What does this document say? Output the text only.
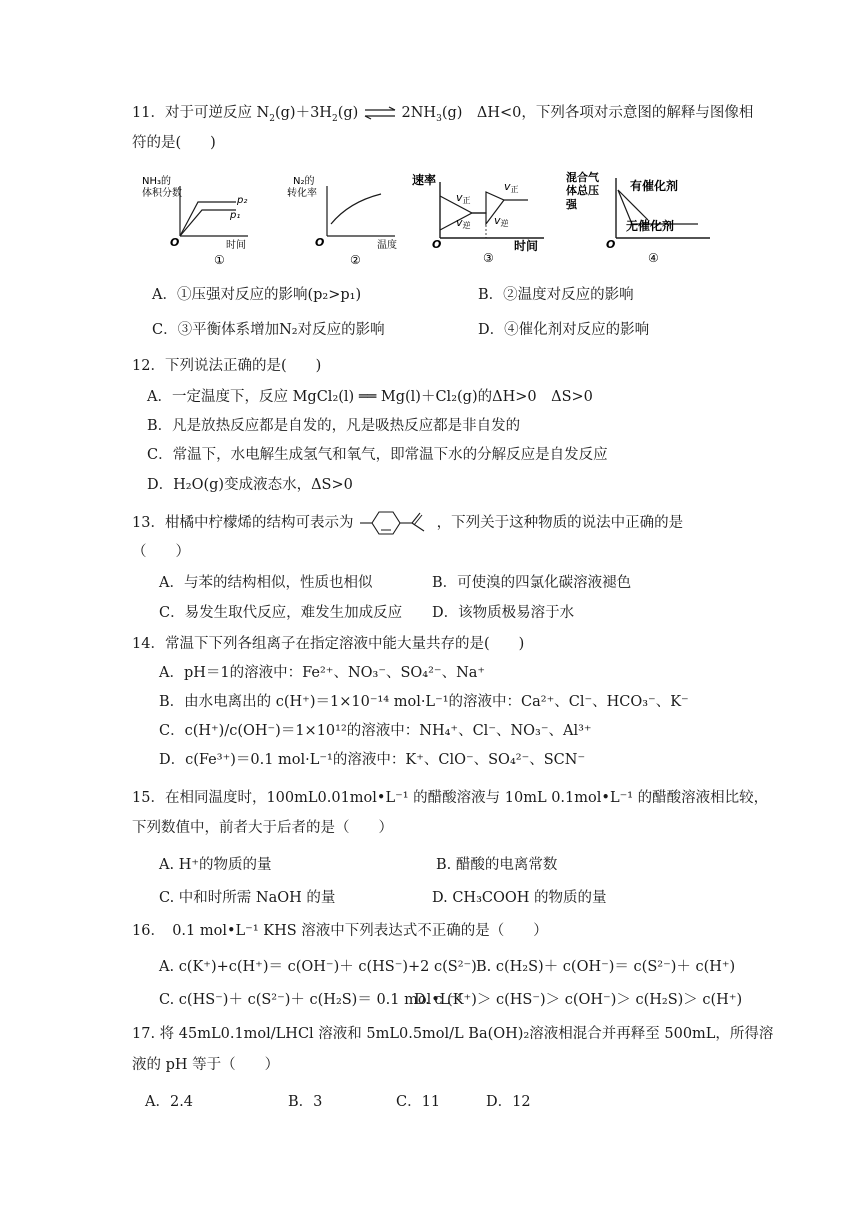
11．对于可逆反应 $N_2(g)+3H_2(g)$ ⇌ $2NH_3(g)$　ΔH<0，下列各项对示意图的解释与图像相
符的是(　　)
NH₃的
体积分数
p₂
p₁
O	时间
①
N₂的
转化率
O	温度
②
速率
v正
v逆
v正
v逆
O	时间
③
混合气
体总压
强
有催化剂
无催化剂
O
④
A．①压强对反应的影响(p₂>p₁)	B．②温度对反应的影响
C．③平衡体系增加N₂对反应的影响	D．④催化剂对反应的影响
12．下列说法正确的是(　　)
A．一定温度下，反应 MgCl₂(l) ══ Mg(l)＋Cl₂(g)的ΔH>0　ΔS>0
B．凡是放热反应都是自发的，凡是吸热反应都是非自发的
C．常温下，水电解生成氢气和氧气，即常温下水的分解反应是自发反应
D．H₂O(g)变成液态水，ΔS>0
13．柑橘中柠檬烯的结构可表示为	，下列关于这种物质的说法中正确的是
（　　）
A．与苯的结构相似，性质也相似	B．可使溴的四氯化碳溶液褪色
C．易发生取代反应，难发生加成反应 D．该物质极易溶于水
14．常温下下列各组离子在指定溶液中能大量共存的是(　　)
A．pH＝1的溶液中：Fe²⁺、NO₃⁻、SO₄²⁻、Na⁺
B．由水电离出的 c(H⁺)＝1×10⁻¹⁴ mol·L⁻¹的溶液中：Ca²⁺、Cl⁻、HCO₃⁻、K⁻
C．c(H⁺)/c(OH⁻)＝1×10¹²的溶液中：NH₄⁺、Cl⁻、NO₃⁻、Al³⁺
D．c(Fe³⁺)＝0.1 mol·L⁻¹的溶液中：K⁺、ClO⁻、SO₄²⁻、SCN⁻
15．在相同温度时，100mL0.01mol•L⁻¹ 的醋酸溶液与 10mL 0.1mol•L⁻¹ 的醋酸溶液相比较，
下列数值中，前者大于后者的是（　　）
A. H⁺的物质的量	B. 醋酸的电离常数
C. 中和时所需 NaOH 的量	D. CH₃COOH 的物质的量
16．　0.1 mol•L⁻¹ KHS 溶液中下列表达式不正确的是（　　）
A. c(K⁺)+c(H⁺)＝ c(OH⁻)＋ c(HS⁻)+2 c(S²⁻) B. c(H₂S)＋ c(OH⁻)＝ c(S²⁻)＋ c(H⁺)
C. c(HS⁻)＋ c(S²⁻)＋ c(H₂S)＝ 0.1 mol•L⁻¹
D. c (K⁺)＞ c(HS⁻)＞ c(OH⁻)＞ c(H₂S)＞ c(H⁺)
17. 将 45mL0.1mol/LHCl 溶液和 5mL0.5mol/L Ba(OH)₂溶液相混合并再释至 500mL，所得溶
液的 pH 等于（　　）
A．2.4	B．3	C．11	D．12
